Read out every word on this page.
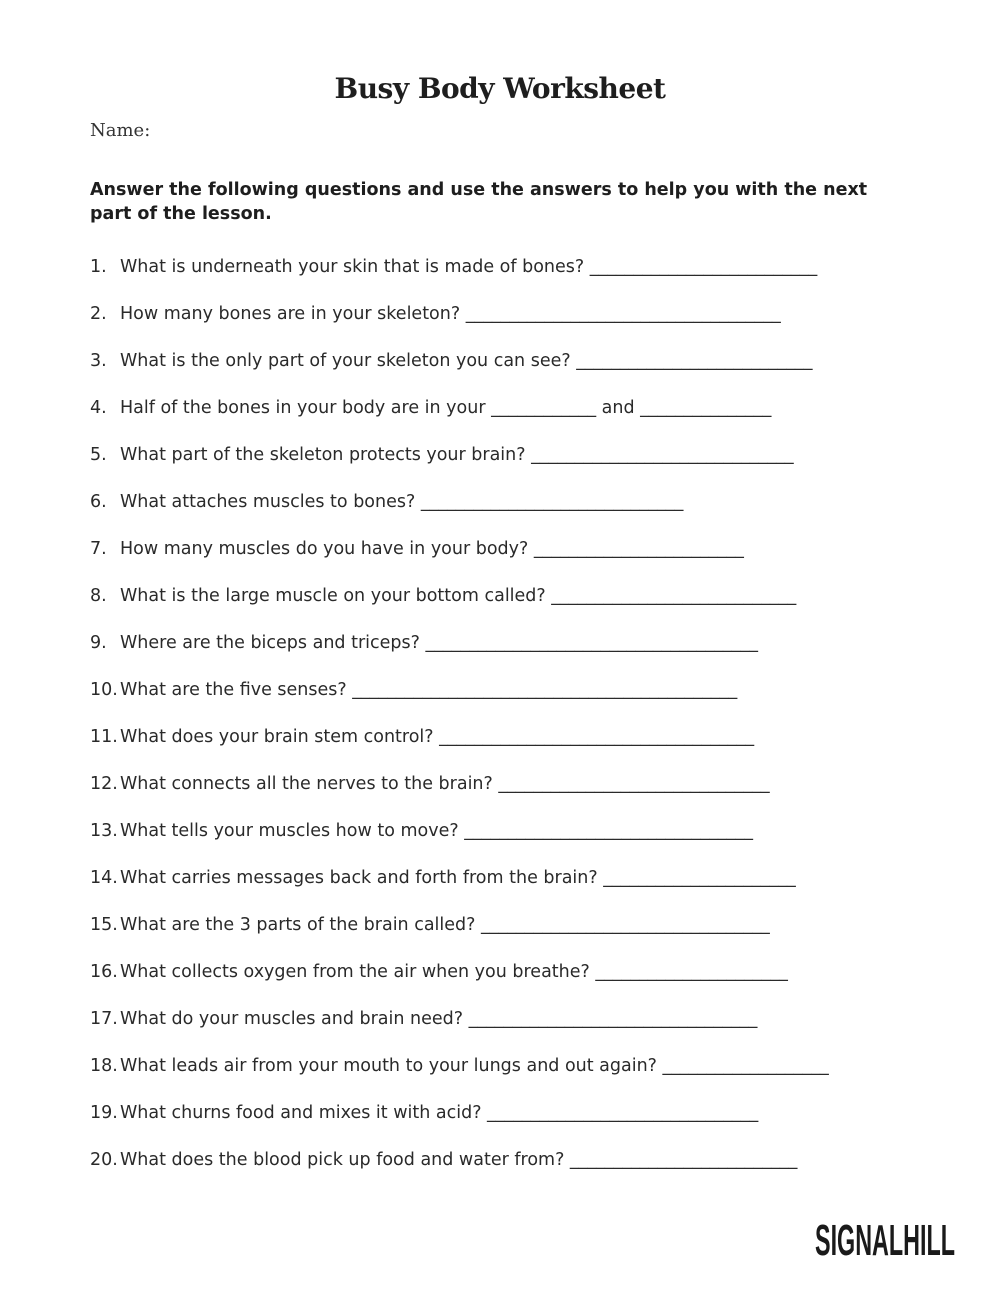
Busy Body Worksheet
Name:
Answer the following questions and use the answers to help you with the next part of the lesson.
1. What is underneath your skin that is made of bones? __________________________
2. How many bones are in your skeleton? ____________________________________
3. What is the only part of your skeleton you can see? ___________________________
4. Half of the bones in your body are in your ____________ and _______________
5. What part of the skeleton protects your brain? ______________________________
6. What attaches muscles to bones? ______________________________
7. How many muscles do you have in your body? ________________________
8. What is the large muscle on your bottom called? ____________________________
9. Where are the biceps and triceps? ______________________________________
10. What are the five senses? ____________________________________________
11. What does your brain stem control? ____________________________________
12. What connects all the nerves to the brain? _______________________________
13. What tells your muscles how to move? _________________________________
14. What carries messages back and forth from the brain? ______________________
15. What are the 3 parts of the brain called? _________________________________
16. What collects oxygen from the air when you breathe? ______________________
17. What do your muscles and brain need? _________________________________
18. What leads air from your mouth to your lungs and out again? ___________________
19. What churns food and mixes it with acid? _______________________________
20. What does the blood pick up food and water from? __________________________
SIGNALHILL
